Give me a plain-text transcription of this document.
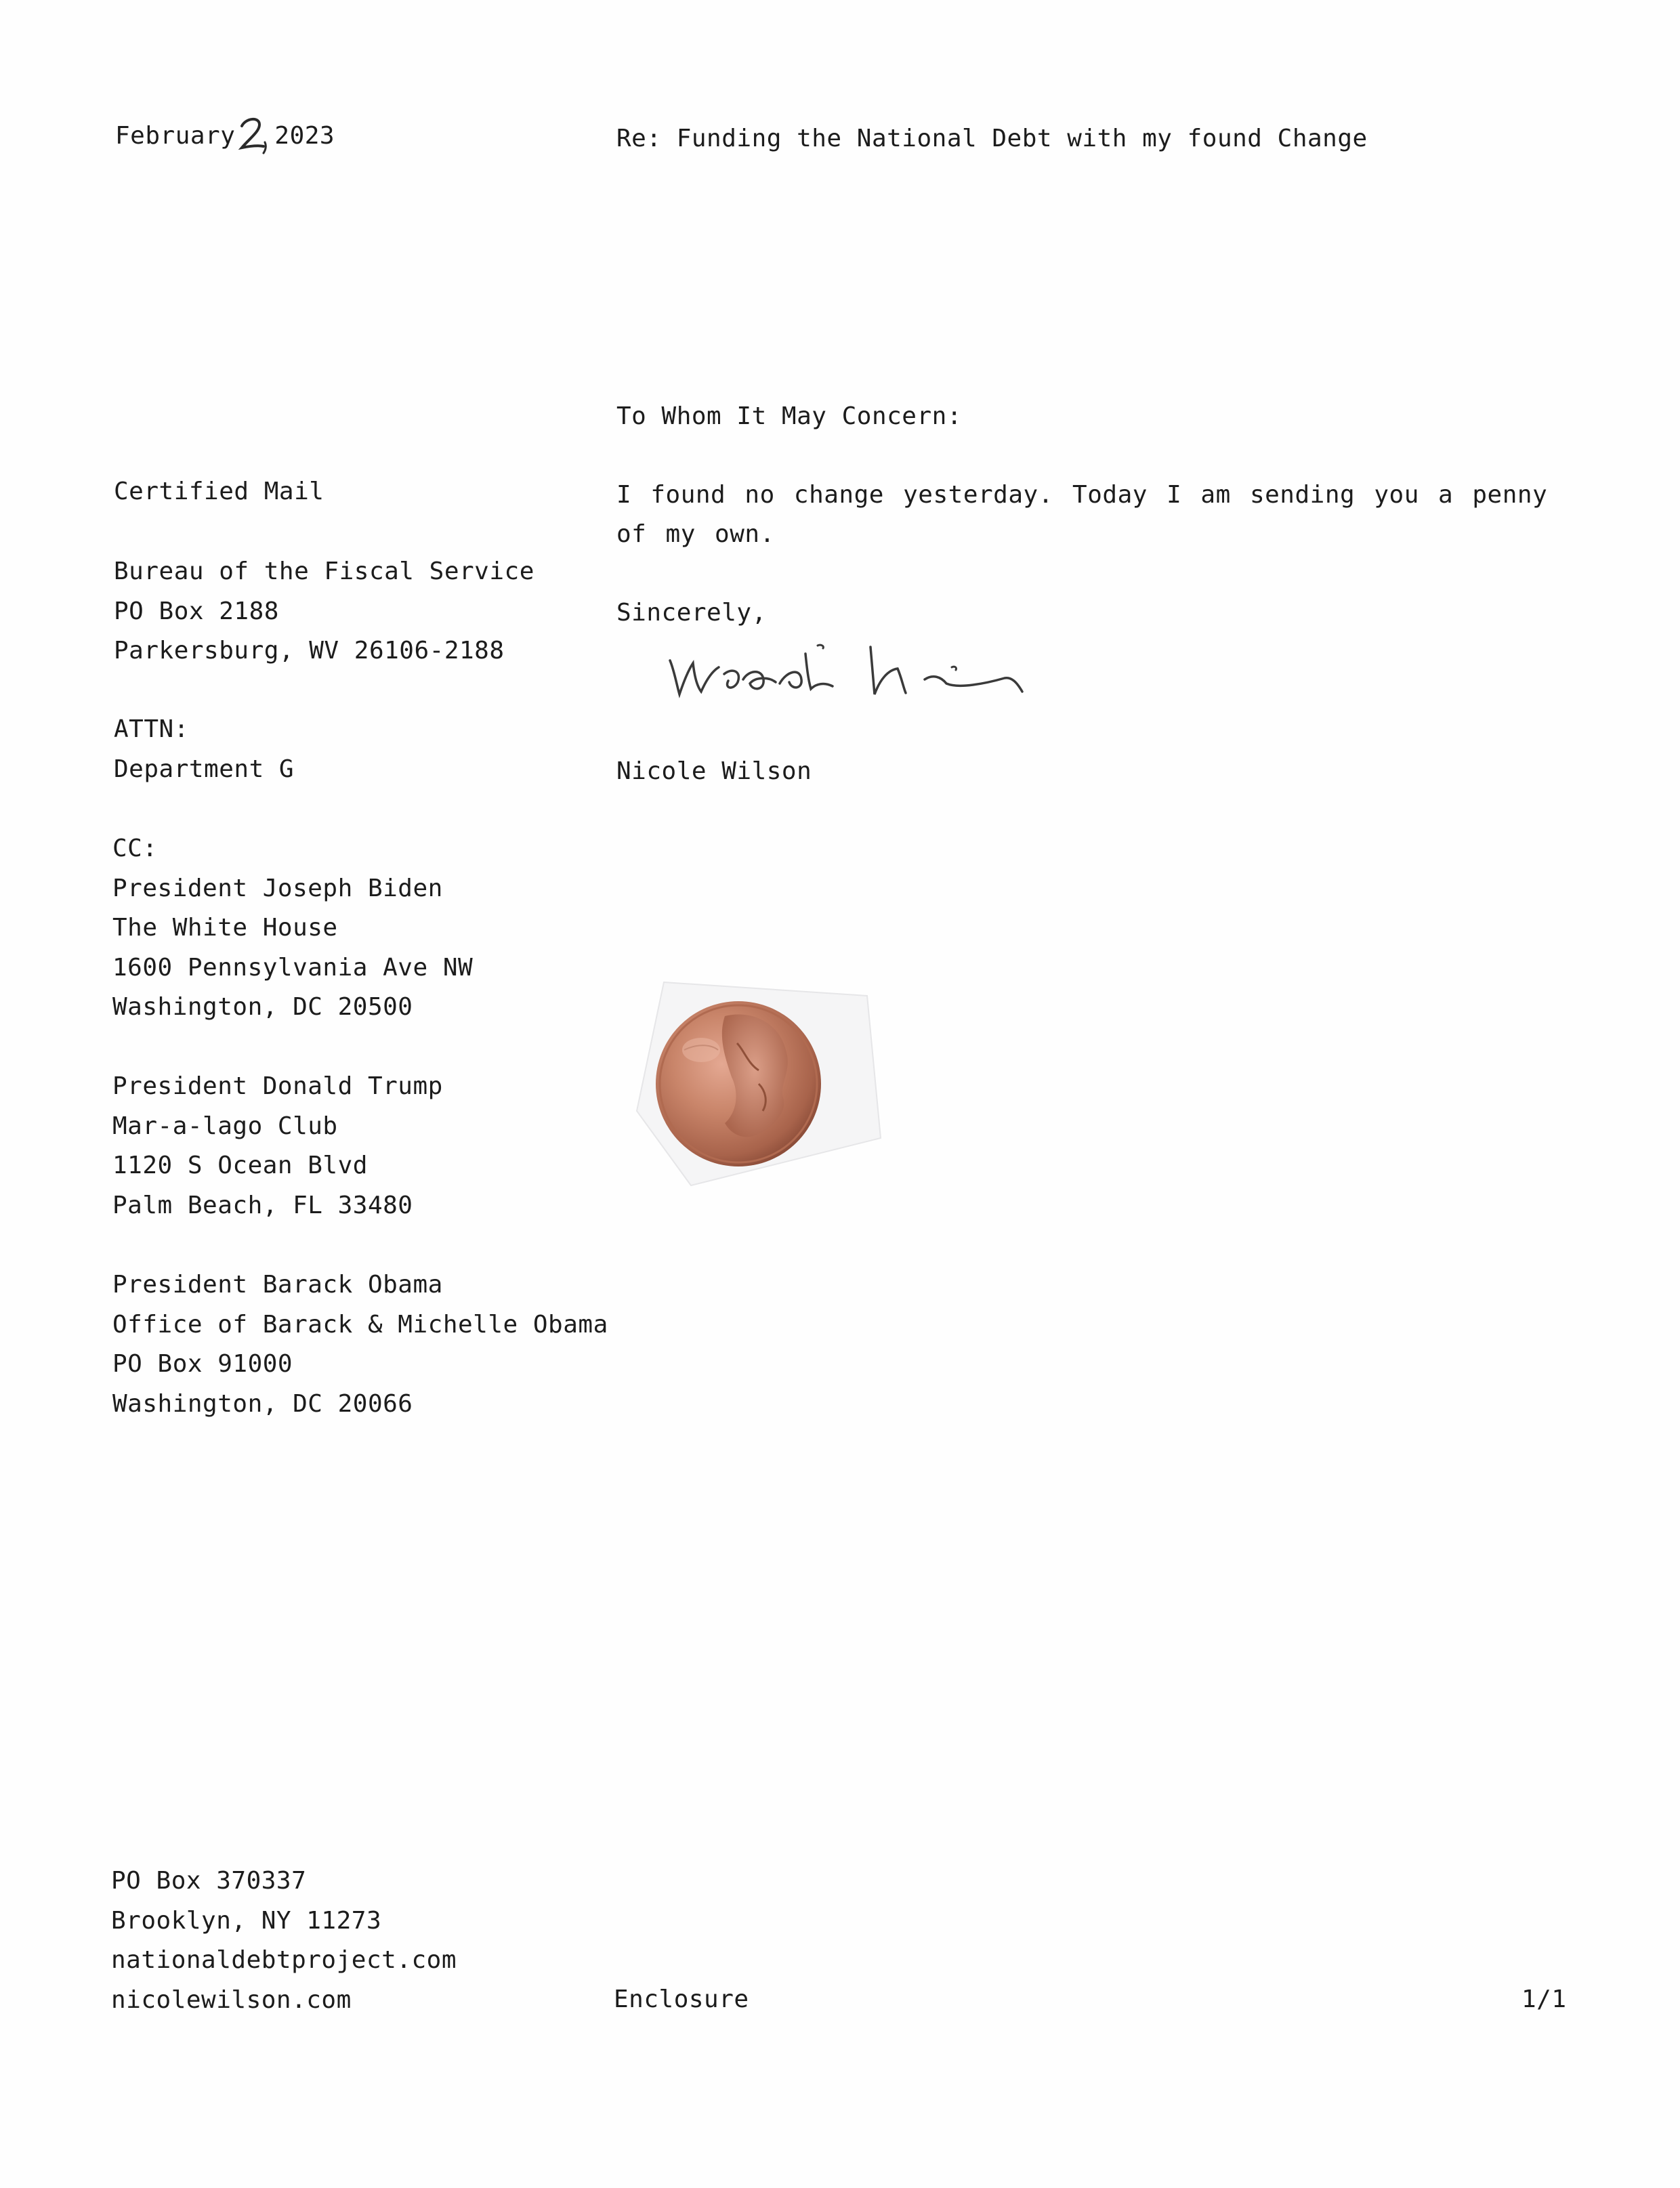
February 2023	Re: Funding the National Debt with my found Change
To Whom It May Concern:
Certified Mail
Bureau of the Fiscal Service
PO Box 2188
Parkersburg, WV 26106-2188
ATTN:
Department G
CC:
President Joseph Biden
The White House
1600 Pennsylvania Ave NW
Washington, DC 20500
President Donald Trump
Mar-a-lago Club
1120 S Ocean Blvd
Palm Beach, FL 33480
President Barack Obama
Office of Barack & Michelle Obama
PO Box 91000
Washington, DC 20066
I found no change yesterday. Today I am sending you a penny of my own.
Sincerely,
Nicole Wilson
PO Box 370337
Brooklyn, NY 11273
nationaldebtproject.com
nicolewilson.com	Enclosure	1/1
